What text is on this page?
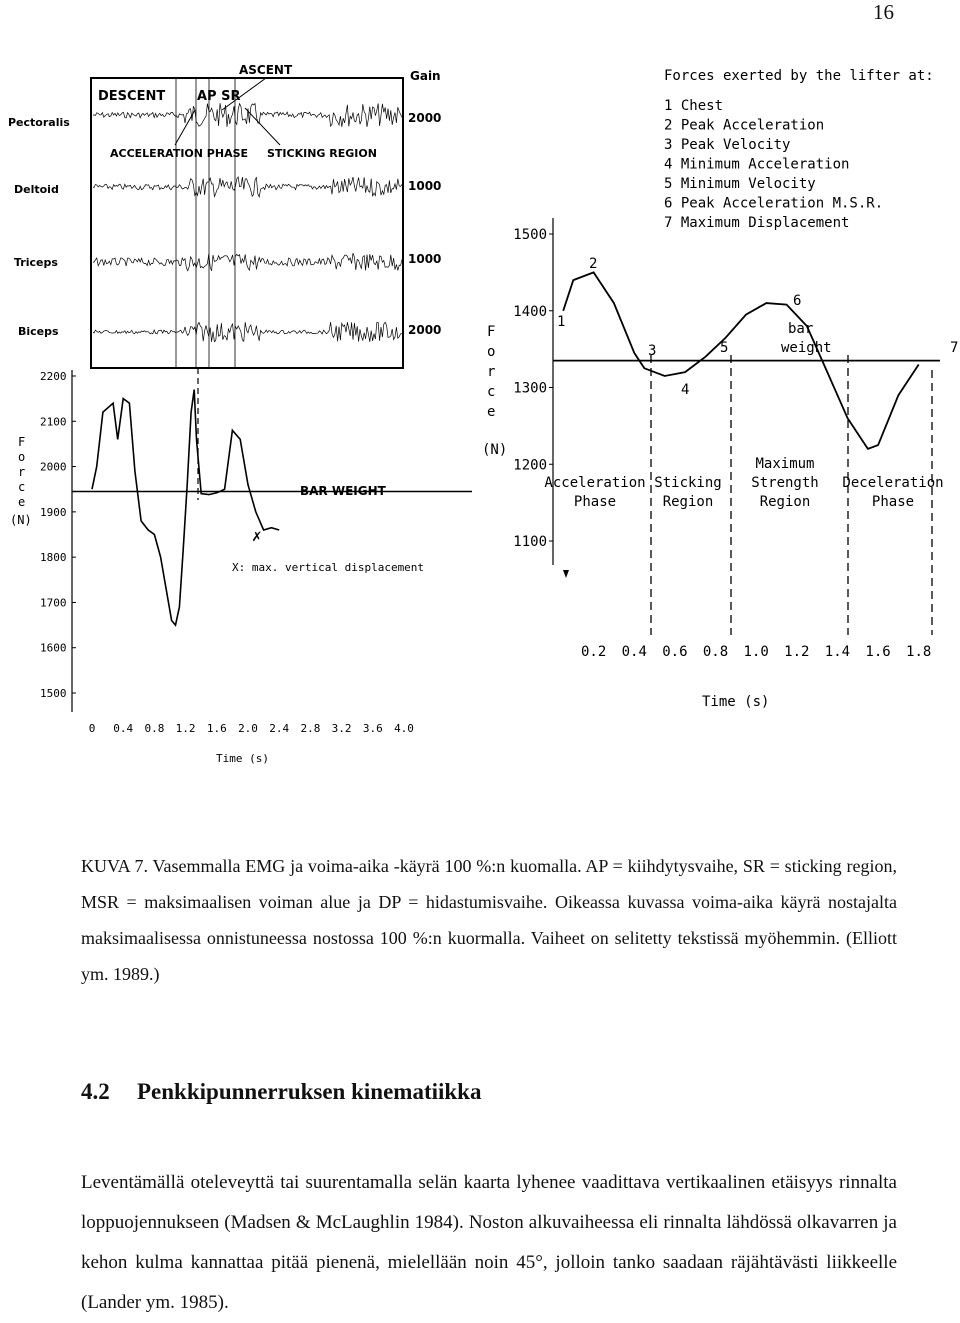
16
ASCENT
DESCENT AP SR
Gain
ACCELERATION PHASE STICKING REGION
Pectoralis
Deltoid
Triceps
Biceps
2000
1000
1000
2000
2200
2100
2000
1900
1800
1700
1600
1500
0 0.4 0.8 1.2 1.6 2.0 2.4 2.8 3.2 3.6 4.0
F
o
r
c
e
(N)
BAR WEIGHT
✗
X: max. vertical displacement
Time (s)
Forces exerted by the lifter at:
1 Chest
2 Peak Acceleration
3 Peak Velocity
4 Minimum Acceleration
5 Minimum Velocity
6 Peak Acceleration M.S.R.
7 Maximum Displacement
1500
1400
1300
1200
1100
0.2 0.4 0.6 0.8 1.0 1.2 1.4 1.6 1.8
F
o
r
c
e
(N)
1
2
3
4
5
6
7
bar
weight
Acceleration
Phase
Sticking
Region
Maximum
Strength
Region
Deceleration
Phase
Time (s)

KUVA 7. Vasemmalla EMG ja voima-aika -käyrä 100 %:n kuomalla. AP = kiihdytysvaihe, SR = sticking region, MSR = maksimaalisen voiman alue ja DP = hidastumisvaihe. Oikeassa kuvassa voima-aika käyrä nostajalta maksimaalisessa onnistuneessa nostossa 100 %:n kuormalla. Vaiheet on selitetty tekstissä myöhemmin. (Elliott ym. 1989.)

4.2 Penkkipunnerruksen kinematiikka

Leventämällä oteleveyttä tai suurentamalla selän kaarta lyhenee vaadittava vertikaalinen etäisyys rinnalta loppuojennukseen (Madsen & McLaughlin 1984). Noston alkuvaiheessa eli rinnalta lähdössä olkavarren ja kehon kulma kannattaa pitää pienenä, mielellään noin 45°, jolloin tanko saadaan räjähtävästi liikkeelle (Lander ym. 1985).
